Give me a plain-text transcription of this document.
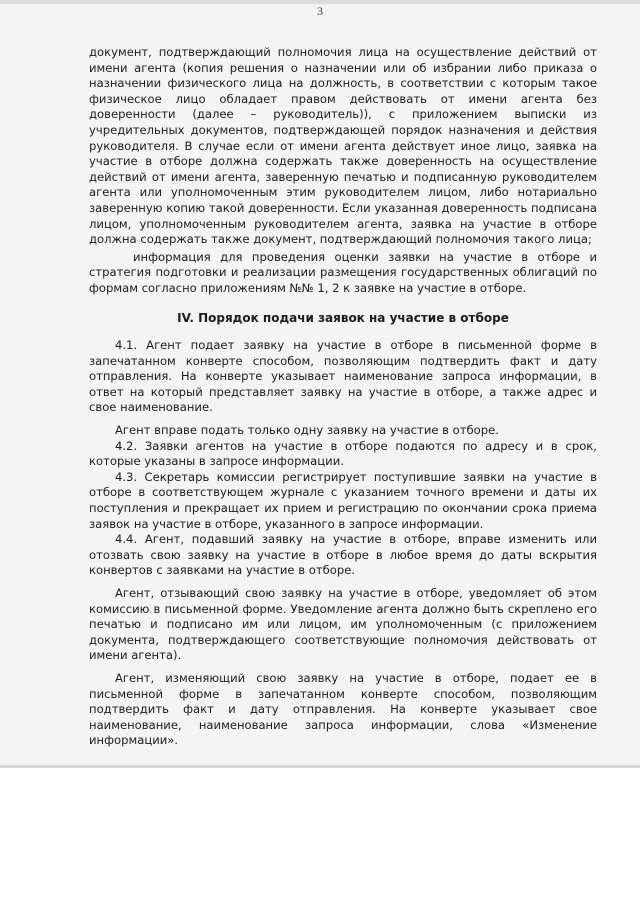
3

документ, подтверждающий полномочия лица на осуществление действий от имени агента (копия решения о назначении или об избрании либо приказа о назначении физического лица на должность, в соответствии с которым такое физическое лицо обладает правом действовать от имени агента без доверенности (далее – руководитель)), с приложением выписки из учредительных документов, подтверждающей порядок назначения и действия руководителя. В случае если от имени агента действует иное лицо, заявка на участие в отборе должна содержать также доверенность на осуществление действий от имени агента, заверенную печатью и подписанную руководителем агента или уполномоченным этим руководителем лицом, либо нотариально заверенную копию такой доверенности. Если указанная доверенность подписана лицом, уполномоченным руководителем агента, заявка на участие в отборе должна содержать также документ, подтверждающий полномочия такого лица;

информация для проведения оценки заявки на участие в отборе и стратегия подготовки и реализации размещения государственных облигаций по формам согласно приложениям №№ 1, 2 к заявке на участие в отборе.

IV. Порядок подачи заявок на участие в отборе

4.1. Агент подает заявку на участие в отборе в письменной форме в запечатанном конверте способом, позволяющим подтвердить факт и дату отправления. На конверте указывает наименование запроса информации, в ответ на который представляет заявку на участие в отборе, а также адрес и свое наименование.

Агент вправе подать только одну заявку на участие в отборе.

4.2. Заявки агентов на участие в отборе подаются по адресу и в срок, которые указаны в запросе информации.

4.3. Секретарь комиссии регистрирует поступившие заявки на участие в отборе в соответствующем журнале с указанием точного времени и даты их поступления и прекращает их прием и регистрацию по окончании срока приема заявок на участие в отборе, указанного в запросе информации.

4.4. Агент, подавший заявку на участие в отборе, вправе изменить или отозвать свою заявку на участие в отборе в любое время до даты вскрытия конвертов с заявками на участие в отборе.

Агент, отзывающий свою заявку на участие в отборе, уведомляет об этом комиссию в письменной форме. Уведомление агента должно быть скреплено его печатью и подписано им или лицом, им уполномоченным (с приложением документа, подтверждающего соответствующие полномочия действовать от имени агента).

Агент, изменяющий свою заявку на участие в отборе, подает ее в письменной форме в запечатанном конверте способом, позволяющим подтвердить факт и дату отправления. На конверте указывает свое наименование, наименование запроса информации, слова «Изменение информации».
